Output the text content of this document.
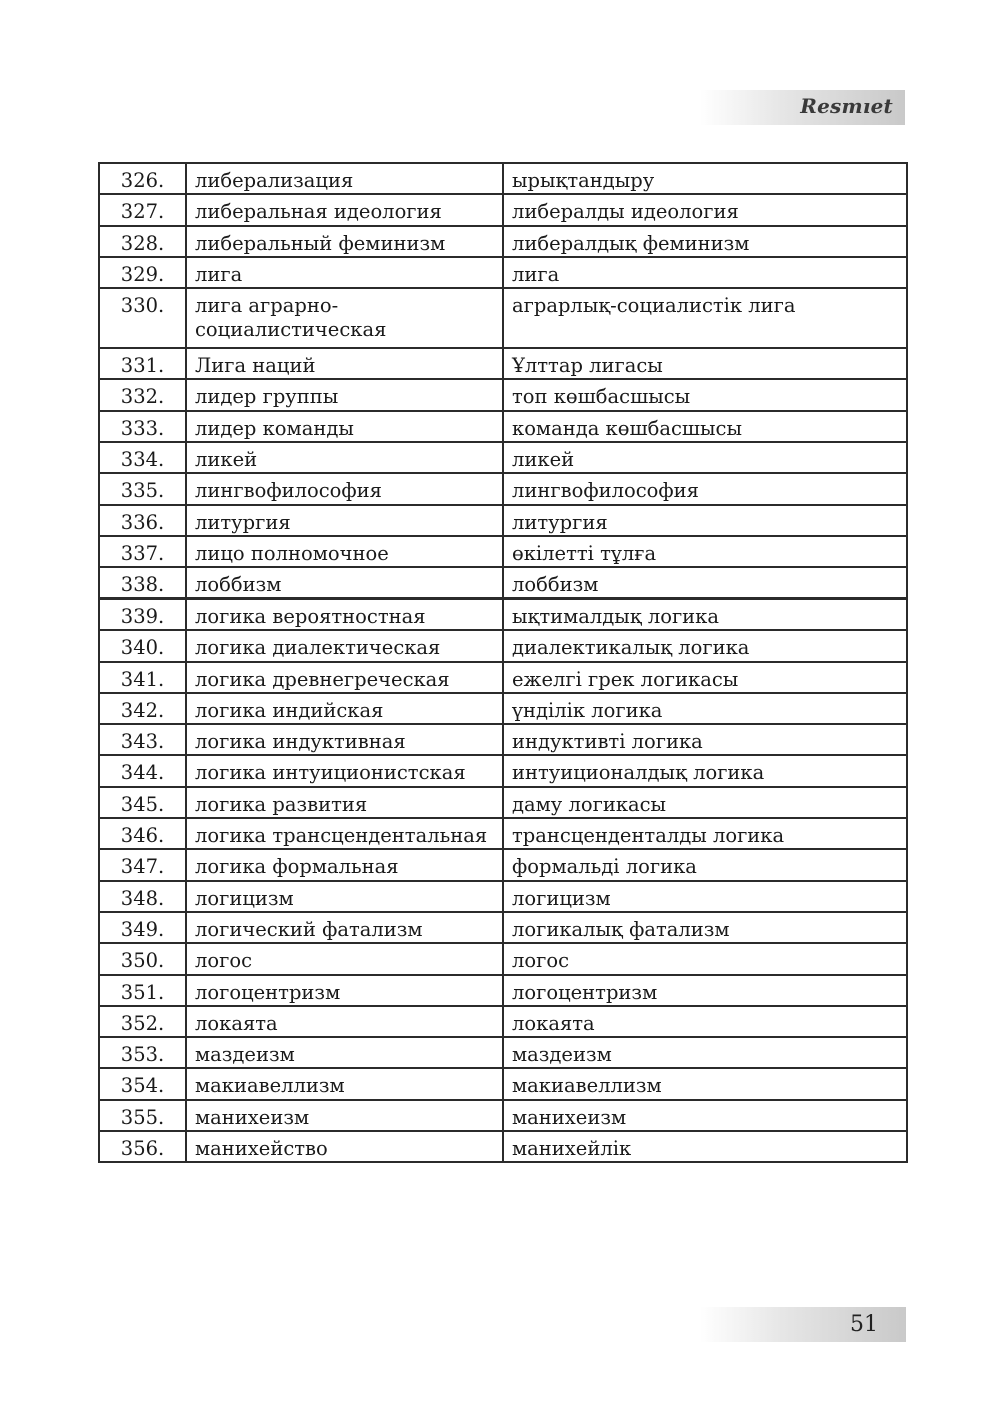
Resmıet
326.	либерализация	ырықтандыру
327.	либеральная идеология	либералды идеология
328.	либеральный феминизм	либералдық феминизм
329.	лига	лига
330.	лига аграрно-социалистическая	аграрлық-социалистік лига
331.	Лига наций	Ұлттар лигасы
332.	лидер группы	топ көшбасшысы
333.	лидер команды	команда көшбасшысы
334.	ликей	ликей
335.	лингвофилософия	лингвофилософия
336.	литургия	литургия
337.	лицо полномочное	өкілетті тұлға
338.	лоббизм	лоббизм
339.	логика вероятностная	ықтималдық логика
340.	логика диалектическая	диалектикалық логика
341.	логика древнегреческая	ежелгі грек логикасы
342.	логика индийская	үнділік логика
343.	логика индуктивная	индуктивті логика
344.	логика интуиционистская	интуиционалдық логика
345.	логика развития	даму логикасы
346.	логика трансцендентальная	трансценденталды логика
347.	логика формальная	формальді логика
348.	логицизм	логицизм
349.	логический фатализм	логикалық фатализм
350.	логос	логос
351.	логоцентризм	логоцентризм
352.	локаята	локаята
353.	маздеизм	маздеизм
354.	макиавеллизм	макиавеллизм
355.	манихеизм	манихеизм
356.	манихейство	манихейлік
51
